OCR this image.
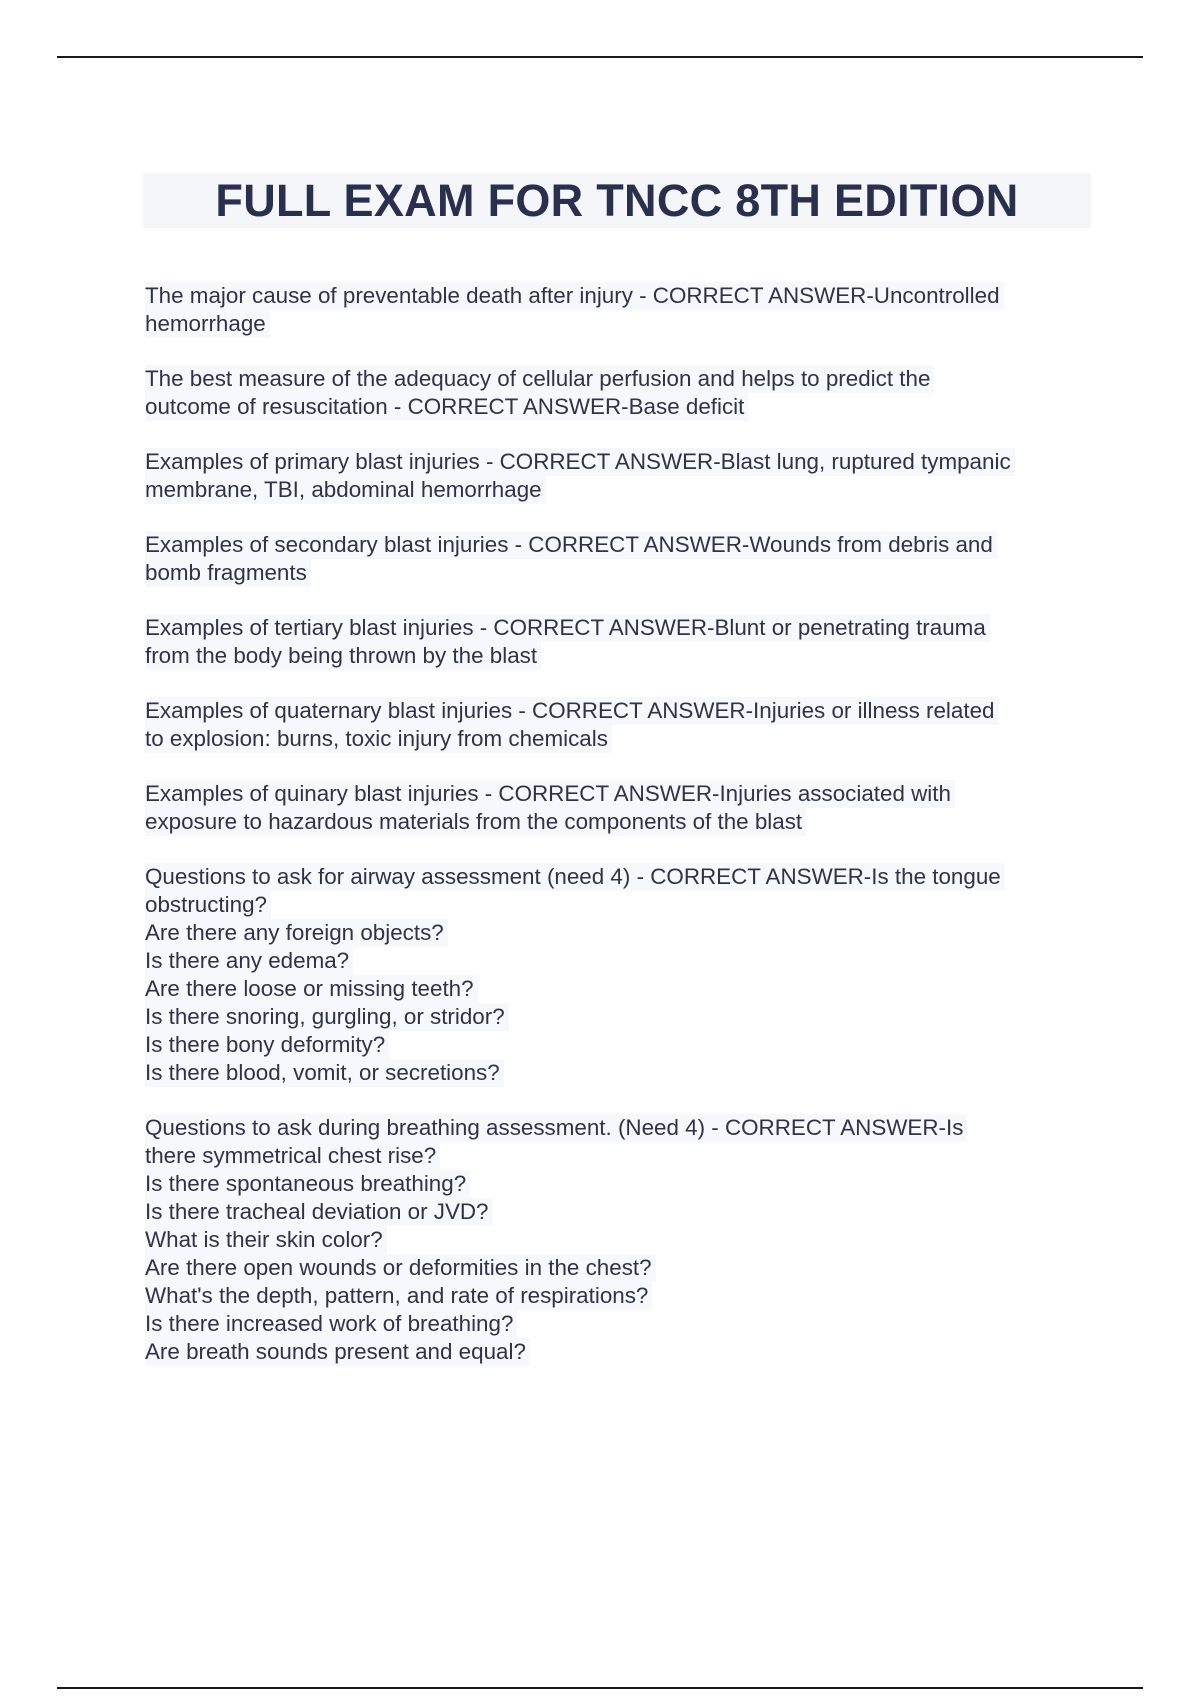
FULL EXAM FOR TNCC 8TH EDITION

The major cause of preventable death after injury - CORRECT ANSWER-Uncontrolled
hemorrhage

The best measure of the adequacy of cellular perfusion and helps to predict the
outcome of resuscitation - CORRECT ANSWER-Base deficit

Examples of primary blast injuries - CORRECT ANSWER-Blast lung, ruptured tympanic
membrane, TBI, abdominal hemorrhage

Examples of secondary blast injuries - CORRECT ANSWER-Wounds from debris and
bomb fragments

Examples of tertiary blast injuries - CORRECT ANSWER-Blunt or penetrating trauma
from the body being thrown by the blast

Examples of quaternary blast injuries - CORRECT ANSWER-Injuries or illness related
to explosion: burns, toxic injury from chemicals

Examples of quinary blast injuries - CORRECT ANSWER-Injuries associated with
exposure to hazardous materials from the components of the blast

Questions to ask for airway assessment (need 4) - CORRECT ANSWER-Is the tongue
obstructing?
Are there any foreign objects?
Is there any edema?
Are there loose or missing teeth?
Is there snoring, gurgling, or stridor?
Is there bony deformity?
Is there blood, vomit, or secretions?

Questions to ask during breathing assessment. (Need 4) - CORRECT ANSWER-Is
there symmetrical chest rise?
Is there spontaneous breathing?
Is there tracheal deviation or JVD?
What is their skin color?
Are there open wounds or deformities in the chest?
What's the depth, pattern, and rate of respirations?
Is there increased work of breathing?
Are breath sounds present and equal?
